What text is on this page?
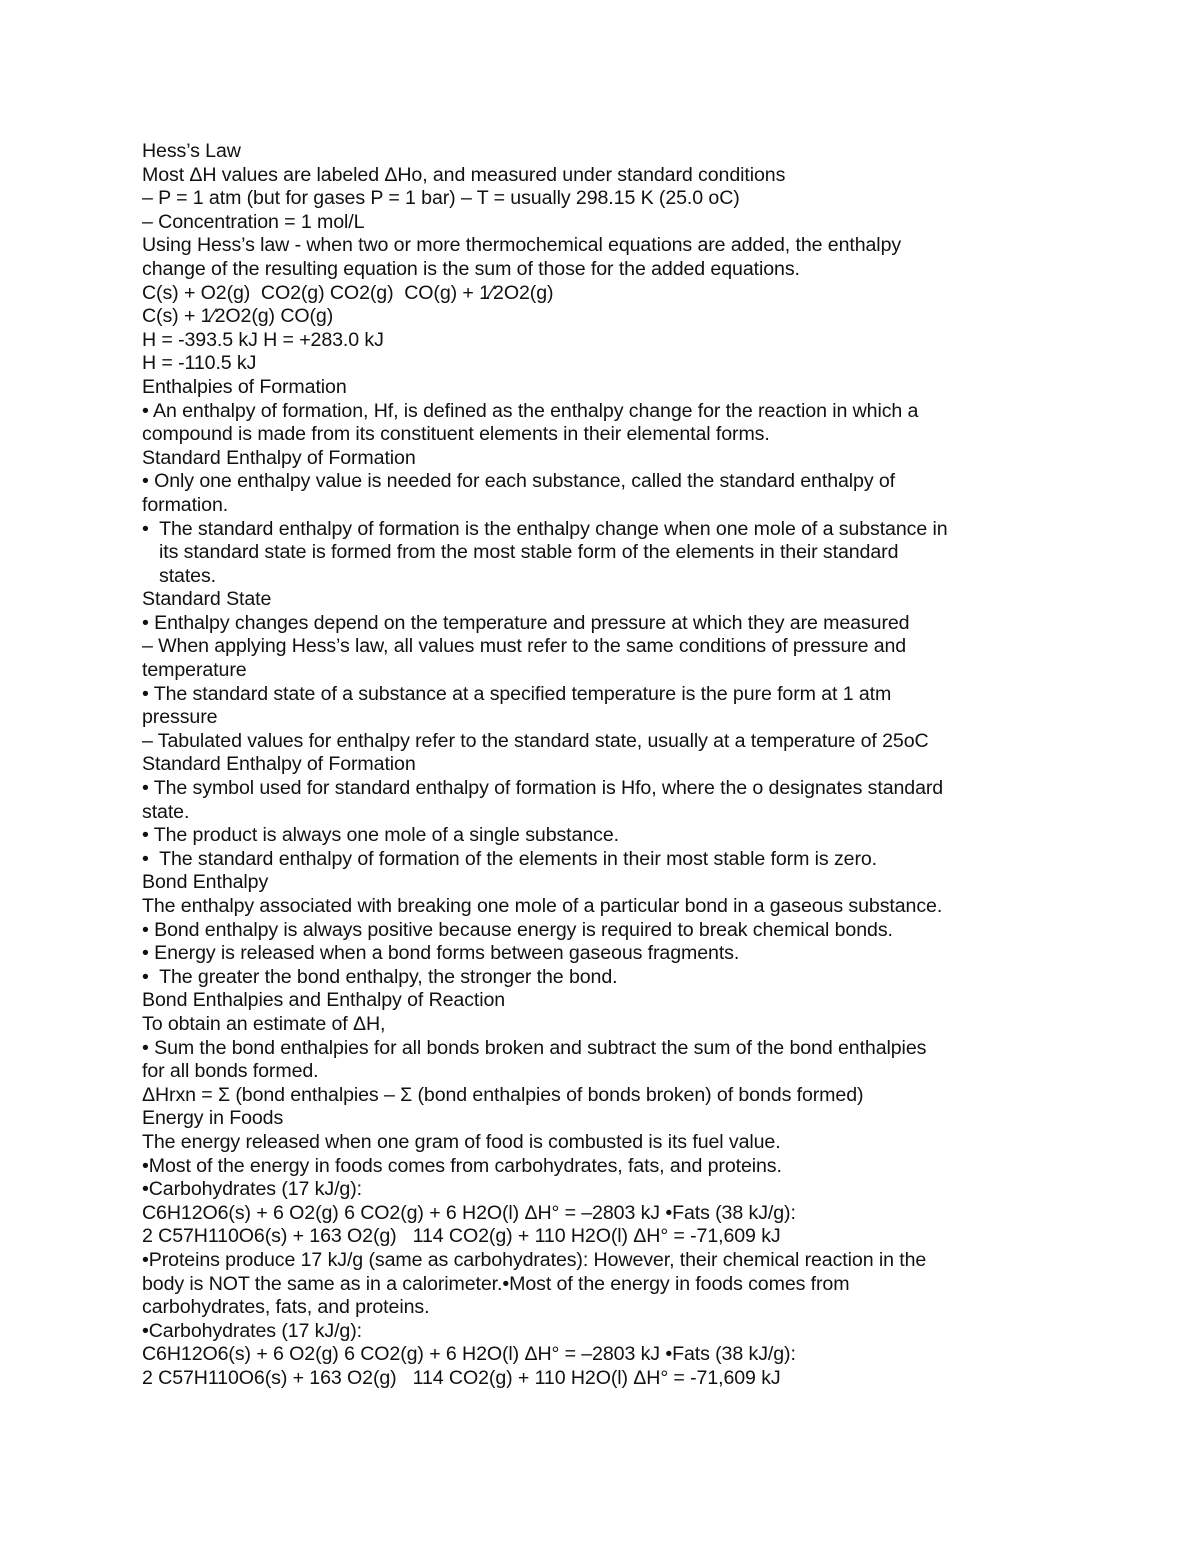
Hess’s Law
Most ΔH values are labeled ΔHo, and measured under standard conditions
– P = 1 atm (but for gases P = 1 bar) – T = usually 298.15 K (25.0 oC)
– Concentration = 1 mol/L
Using Hess’s law - when two or more thermochemical equations are added, the enthalpy
change of the resulting equation is the sum of those for the added equations.
C(s) + O2(g)  CO2(g) CO2(g)  CO(g) + 1⁄2O2(g)
C(s) + 1⁄2O2(g) CO(g)
H = -393.5 kJ H = +283.0 kJ
H = -110.5 kJ
Enthalpies of Formation
• An enthalpy of formation, Hf, is defined as the enthalpy change for the reaction in which a
compound is made from its constituent elements in their elemental forms.
Standard Enthalpy of Formation
• Only one enthalpy value is needed for each substance, called the standard enthalpy of
formation.
•  The standard enthalpy of formation is the enthalpy change when one mole of a substance in
its standard state is formed from the most stable form of the elements in their standard
states.
Standard State
• Enthalpy changes depend on the temperature and pressure at which they are measured
– When applying Hess’s law, all values must refer to the same conditions of pressure and
temperature
• The standard state of a substance at a specified temperature is the pure form at 1 atm
pressure
– Tabulated values for enthalpy refer to the standard state, usually at a temperature of 25oC
Standard Enthalpy of Formation
• The symbol used for standard enthalpy of formation is Hfo, where the o designates standard
state.
• The product is always one mole of a single substance.
•  The standard enthalpy of formation of the elements in their most stable form is zero.
Bond Enthalpy
The enthalpy associated with breaking one mole of a particular bond in a gaseous substance.
• Bond enthalpy is always positive because energy is required to break chemical bonds.
• Energy is released when a bond forms between gaseous fragments.
•  The greater the bond enthalpy, the stronger the bond.
Bond Enthalpies and Enthalpy of Reaction
To obtain an estimate of ΔH,
• Sum the bond enthalpies for all bonds broken and subtract the sum of the bond enthalpies
for all bonds formed.
ΔHrxn = Σ (bond enthalpies – Σ (bond enthalpies of bonds broken) of bonds formed)
Energy in Foods
The energy released when one gram of food is combusted is its fuel value.
•Most of the energy in foods comes from carbohydrates, fats, and proteins.
•Carbohydrates (17 kJ/g):
C6H12O6(s) + 6 O2(g) 6 CO2(g) + 6 H2O(l) ΔH° = –2803 kJ •Fats (38 kJ/g):
2 C57H110O6(s) + 163 O2(g)   114 CO2(g) + 110 H2O(l) ΔH° = -71,609 kJ
•Proteins produce 17 kJ/g (same as carbohydrates): However, their chemical reaction in the
body is NOT the same as in a calorimeter.•Most of the energy in foods comes from
carbohydrates, fats, and proteins.
•Carbohydrates (17 kJ/g):
C6H12O6(s) + 6 O2(g) 6 CO2(g) + 6 H2O(l) ΔH° = –2803 kJ •Fats (38 kJ/g):
2 C57H110O6(s) + 163 O2(g)   114 CO2(g) + 110 H2O(l) ΔH° = -71,609 kJ
